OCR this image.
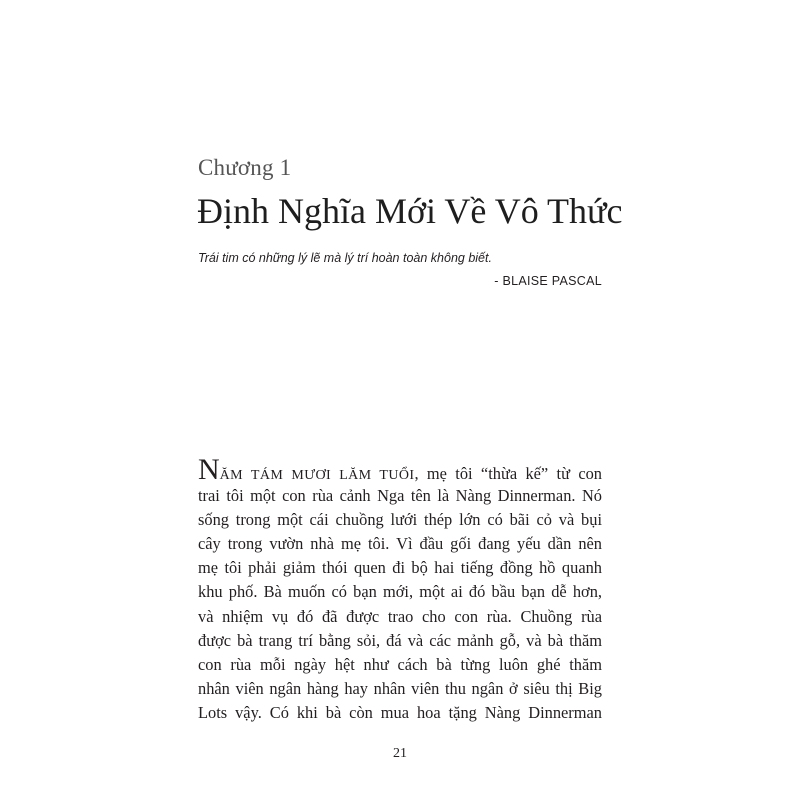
Chương 1
Định Nghĩa Mới Về Vô Thức
Trái tim có những lý lẽ mà lý trí hoàn toàn không biết.
- BLAISE PASCAL
NĂM TÁM MƯƠI LĂM TUỔI, mẹ tôi “thừa kế” từ con
trai tôi một con rùa cảnh Nga tên là Nàng Dinnerman. Nó
sống trong một cái chuồng lưới thép lớn có bãi cỏ và bụi
cây trong vườn nhà mẹ tôi. Vì đầu gối đang yếu dần nên
mẹ tôi phải giảm thói quen đi bộ hai tiếng đồng hồ quanh
khu phố. Bà muốn có bạn mới, một ai đó bầu bạn dễ hơn,
và nhiệm vụ đó đã được trao cho con rùa. Chuồng rùa
được bà trang trí bằng sỏi, đá và các mảnh gỗ, và bà thăm
con rùa mỗi ngày hệt như cách bà từng luôn ghé thăm
nhân viên ngân hàng hay nhân viên thu ngân ở siêu thị Big
Lots vậy. Có khi bà còn mua hoa tặng Nàng Dinnerman
21
